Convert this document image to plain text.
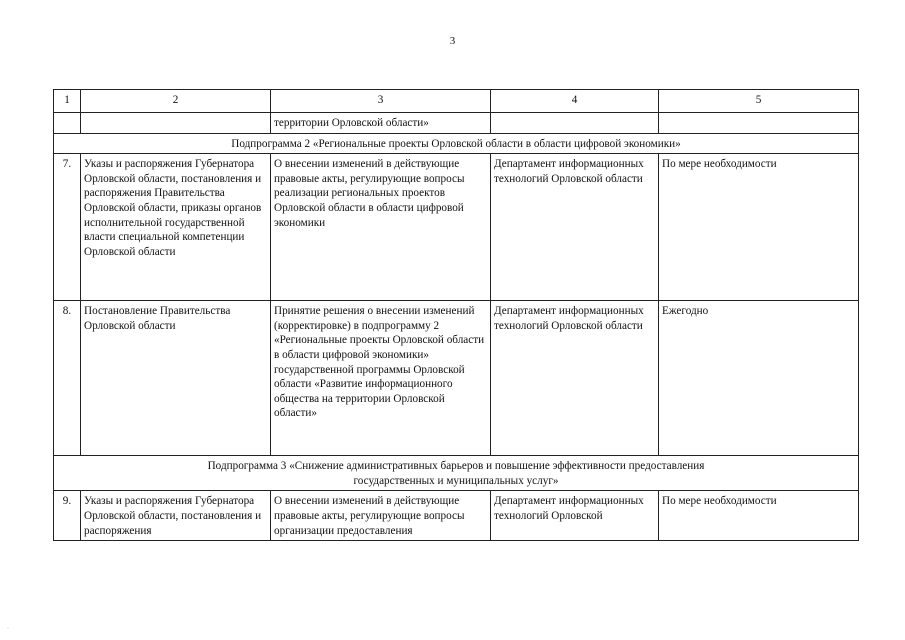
3
1	2	3	4	5
		территории Орловской области»		
Подпрограмма 2 «Региональные проекты Орловской области в области цифровой экономики»				
7.	Указы и распоряжения Губернатора Орловской области, постановления и распоряжения Правительства Орловской области, приказы органов исполнительной государственной власти специальной компетенции Орловской области	О внесении изменений в действующие правовые акты, регулирующие вопросы реализации региональных проектов Орловской области в области цифровой экономики	Департамент информационных технологий Орловской области	По мере необходимости
8.	Постановление Правительства Орловской области	Принятие решения о внесении изменений (корректировке) в подпрограмму 2 «Региональные проекты Орловской области в области цифровой экономики» государственной программы Орловской области «Развитие информационного общества на территории Орловской области»	Департамент информационных технологий Орловской области	Ежегодно
Подпрограмма 3 «Снижение административных барьеров и повышение эффективности предоставления
государственных и муниципальных услуг»				
9.	Указы и распоряжения Губернатора Орловской области, постановления и распоряжения	О внесении изменений в действующие правовые акты, регулирующие вопросы организации предоставления	Департамент информационных технологий Орловской	По мере необходимости
·
